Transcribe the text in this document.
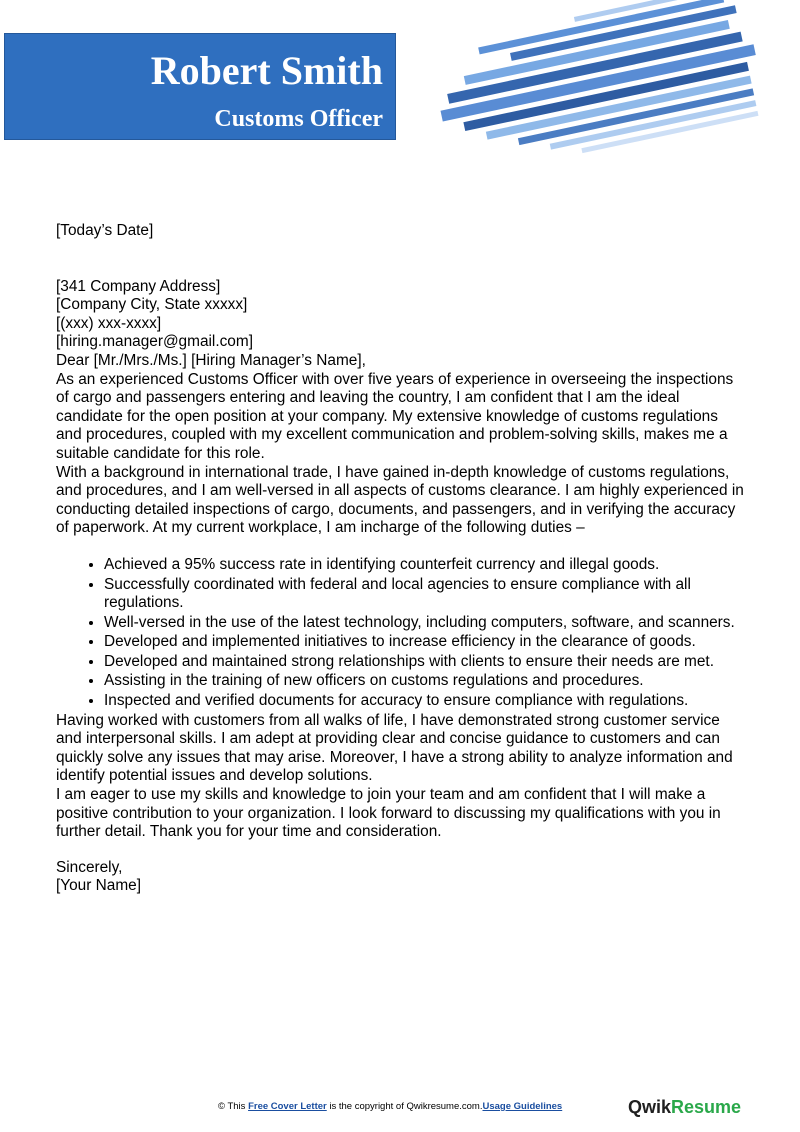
Robert Smith
Customs Officer

[Today’s Date]

[341 Company Address]

[Company City, State xxxxx]

[(xxx) xxx-xxxx]

[hiring.manager@gmail.com]

Dear [Mr./Mrs./Ms.] [Hiring Manager’s Name],

As an experienced Customs Officer with over five years of experience in overseeing the inspections of cargo and passengers entering and leaving the country, I am confident that I am the ideal candidate for the open position at your company. My extensive knowledge of customs regulations and procedures, coupled with my excellent communication and problem-solving skills, makes me a suitable candidate for this role.

With a background in international trade, I have gained in-depth knowledge of customs regulations, and procedures, and I am well-versed in all aspects of customs clearance. I am highly experienced in conducting detailed inspections of cargo, documents, and passengers, and in verifying the accuracy of paperwork. At my current workplace, I am incharge of the following duties –

• Achieved a 95% success rate in identifying counterfeit currency and illegal goods.
• Successfully coordinated with federal and local agencies to ensure compliance with all regulations.
• Well-versed in the use of the latest technology, including computers, software, and scanners.
• Developed and implemented initiatives to increase efficiency in the clearance of goods.
• Developed and maintained strong relationships with clients to ensure their needs are met.
• Assisting in the training of new officers on customs regulations and procedures.
• Inspected and verified documents for accuracy to ensure compliance with regulations.

Having worked with customers from all walks of life, I have demonstrated strong customer service and interpersonal skills. I am adept at providing clear and concise guidance to customers and can quickly solve any issues that may arise. Moreover, I have a strong ability to analyze information and identify potential issues and develop solutions.

I am eager to use my skills and knowledge to join your team and am confident that I will make a positive contribution to your organization. I look forward to discussing my qualifications with you in further detail. Thank you for your time and consideration.

Sincerely,

[Your Name]

© This Free Cover Letter is the copyright of Qwikresume.com.Usage Guidelines	QwikResume
